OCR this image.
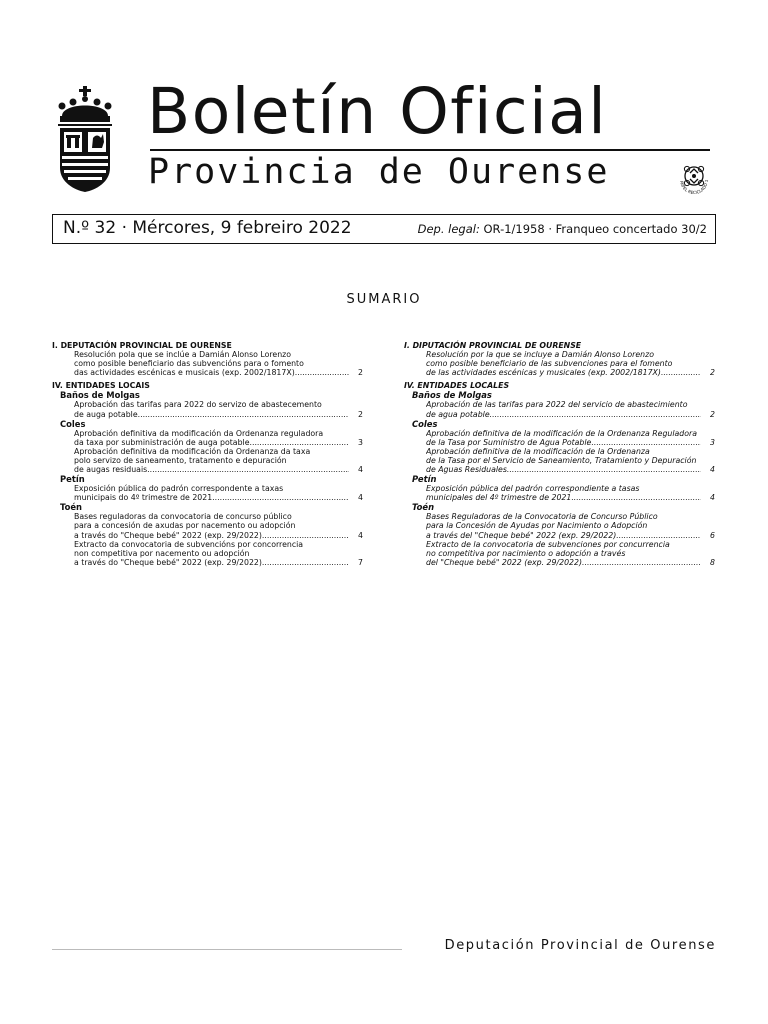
Boletín Oficial
Provincia de Ourense	PAPEL RECICLADO 1
N.º 32 · Mércores, 9 febreiro 2022	Dep. legal: OR-1/1958 · Franqueo concertado 30/2
SUMARIO
I. DEPUTACIÓN PROVINCIAL DE OURENSE
Resolución pola que se inclúe a Damián Alonso Lorenzo
como posible beneficiario das subvencións para o fomento
das actividades escénicas e musicais (exp. 2002/1817X) .....	2
IV. ENTIDADES LOCAIS
Baños de Molgas
Aprobación das tarifas para 2022 do servizo de abastecemento
de auga potable .....	2
Coles
Aprobación definitiva da modificación da Ordenanza reguladora
da taxa por subministración de auga potable .....	3
Aprobación definitiva da modificación da Ordenanza da taxa
polo servizo de saneamento, tratamento e depuración
de augas residuais .....	4
Petín
Exposición pública do padrón correspondente a taxas
municipais do 4º trimestre de 2021 .....	4
Toén
Bases reguladoras da convocatoria de concurso público
para a concesión de axudas por nacemento ou adopción
a través do "Cheque bebé" 2022 (exp. 29/2022) .....	4
Extracto da convocatoria de subvencións por concorrencia
non competitiva por nacemento ou adopción
a través do "Cheque bebé" 2022 (exp. 29/2022) .....	7
I. DIPUTACIÓN PROVINCIAL DE OURENSE
Resolución por la que se incluye a Damián Alonso Lorenzo
como posible beneficiario de las subvenciones para el fomento
de las actividades escénicas y musicales (exp. 2002/1817X) .....	2
IV. ENTIDADES LOCALES
Baños de Molgas
Aprobación de las tarifas para 2022 del servicio de abastecimiento
de agua potable .....	2
Coles
Aprobación definitiva de la modificación de la Ordenanza Reguladora
de la Tasa por Suministro de Agua Potable .....	3
Aprobación definitiva de la modificación de la Ordenanza
de la Tasa por el Servicio de Saneamiento, Tratamiento y Depuración
de Aguas Residuales .....	4
Petín
Exposición pública del padrón correspondiente a tasas
municipales del 4º trimestre de 2021 .....	4
Toén
Bases Reguladoras de la Convocatoria de Concurso Público
para la Concesión de Ayudas por Nacimiento o Adopción
a través del "Cheque bebé" 2022 (exp. 29/2022) .....	6
Extracto de la convocatoria de subvenciones por concurrencia
no competitiva por nacimiento o adopción a través
del "Cheque bebé" 2022 (exp. 29/2022) .....	8
Deputación Provincial de Ourense
